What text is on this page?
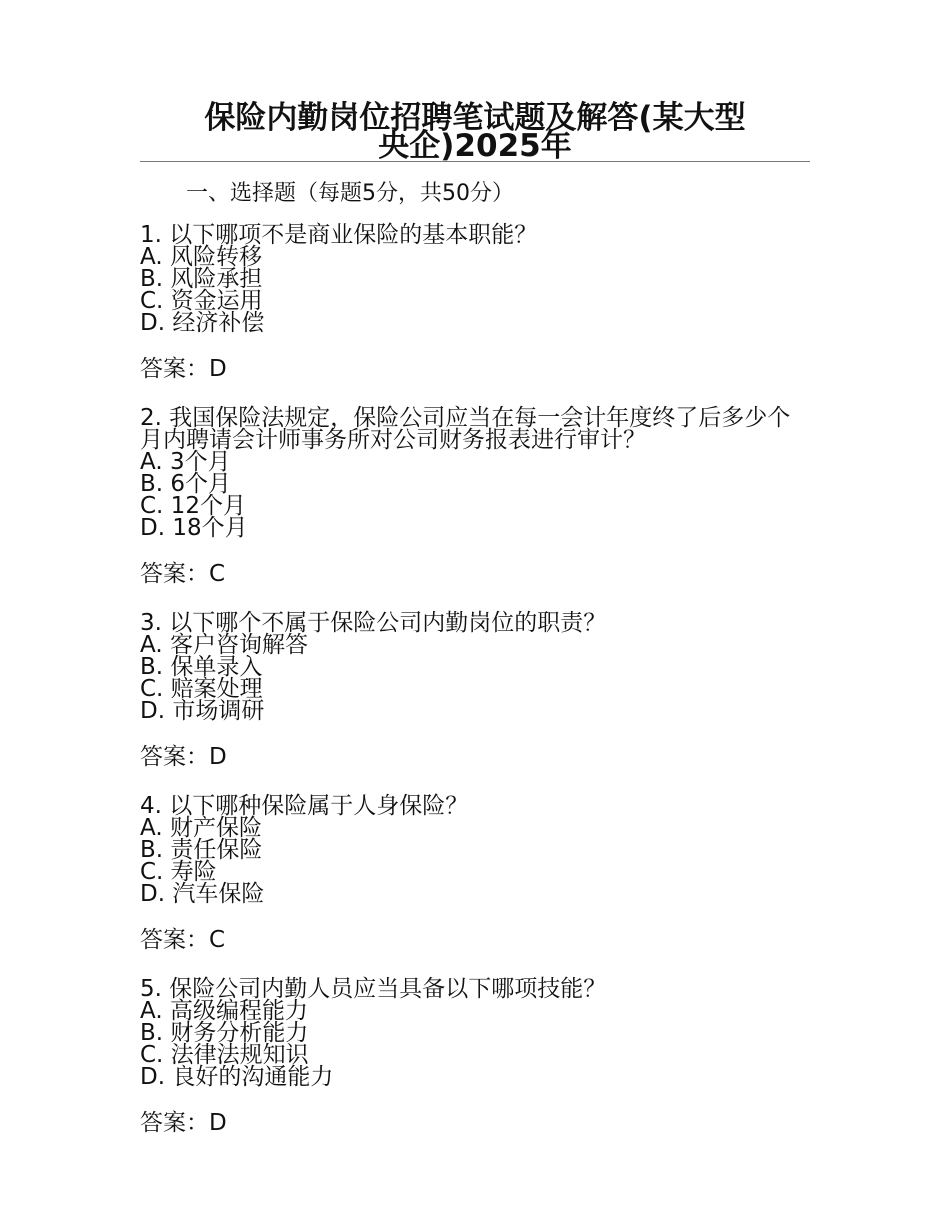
保险内勤岗位招聘笔试题及解答(某大型
央企)2025年
一、选择题（每题5分，共50分）
1. 以下哪项不是商业保险的基本职能？
A. 风险转移
B. 风险承担
C. 资金运用
D. 经济补偿
答案：D
2. 我国保险法规定，保险公司应当在每一会计年度终了后多少个月内聘请会计师事务所对公司财务报表进行审计？
A. 3个月
B. 6个月
C. 12个月
D. 18个月
答案：C
3. 以下哪个不属于保险公司内勤岗位的职责？
A. 客户咨询解答
B. 保单录入
C. 赔案处理
D. 市场调研
答案：D
4. 以下哪种保险属于人身保险？
A. 财产保险
B. 责任保险
C. 寿险
D. 汽车保险
答案：C
5. 保险公司内勤人员应当具备以下哪项技能？
A. 高级编程能力
B. 财务分析能力
C. 法律法规知识
D. 良好的沟通能力
答案：D
